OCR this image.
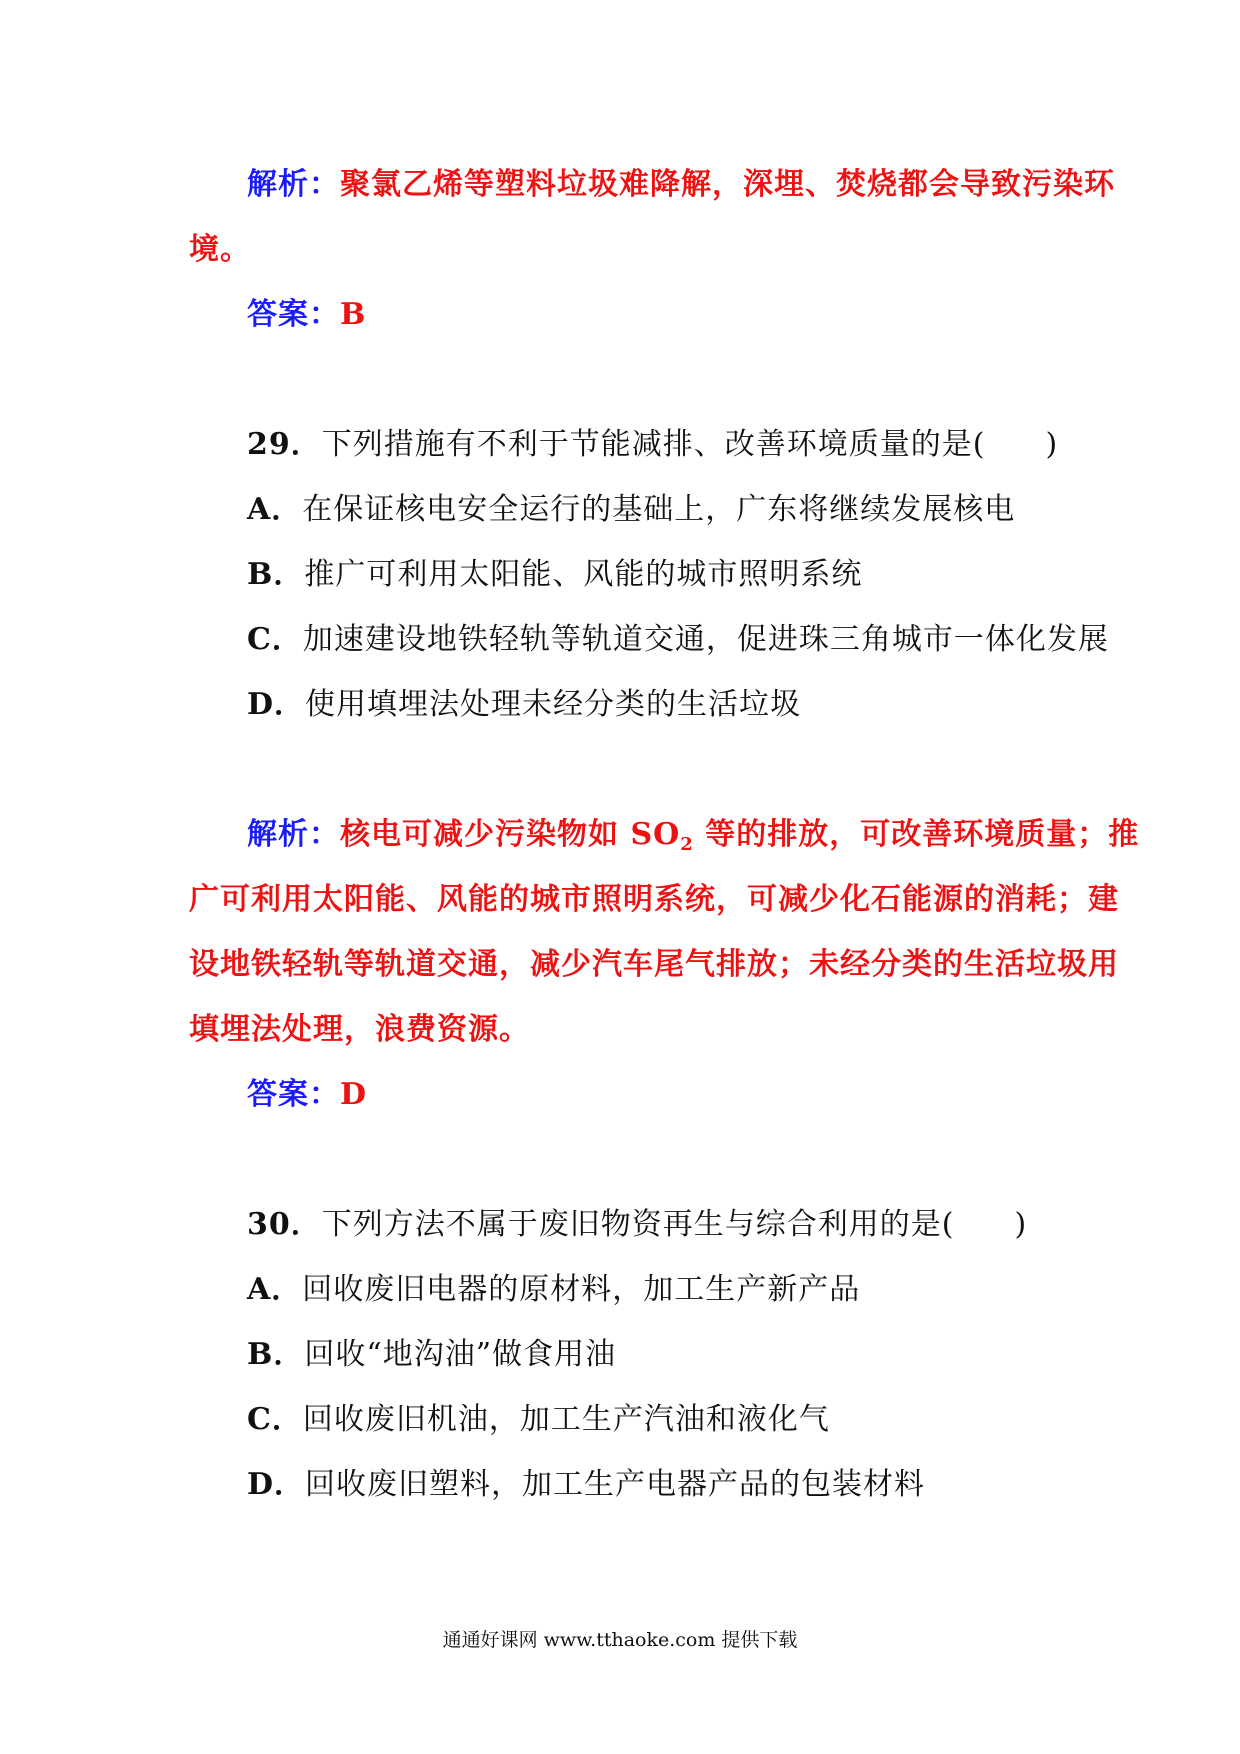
解析：聚氯乙烯等塑料垃圾难降解，深埋、焚烧都会导致污染环
境。
答案：B
29．下列措施有不利于节能减排、改善环境质量的是( )
A．在保证核电安全运行的基础上，广东将继续发展核电
B．推广可利用太阳能、风能的城市照明系统
C．加速建设地铁轻轨等轨道交通，促进珠三角城市一体化发展
D．使用填埋法处理未经分类的生活垃圾
解析：核电可减少污染物如 $SO_2$ 等的排放，可改善环境质量；推
广可利用太阳能、风能的城市照明系统，可减少化石能源的消耗；建
设地铁轻轨等轨道交通，减少汽车尾气排放；未经分类的生活垃圾用
填埋法处理，浪费资源。
答案：D
30．下列方法不属于废旧物资再生与综合利用的是( )
A．回收废旧电器的原材料，加工生产新产品
B．回收“地沟油”做食用油
C．回收废旧机油，加工生产汽油和液化气
D．回收废旧塑料，加工生产电器产品的包装材料
通通好课网 www.tthaoke.com 提供下载
